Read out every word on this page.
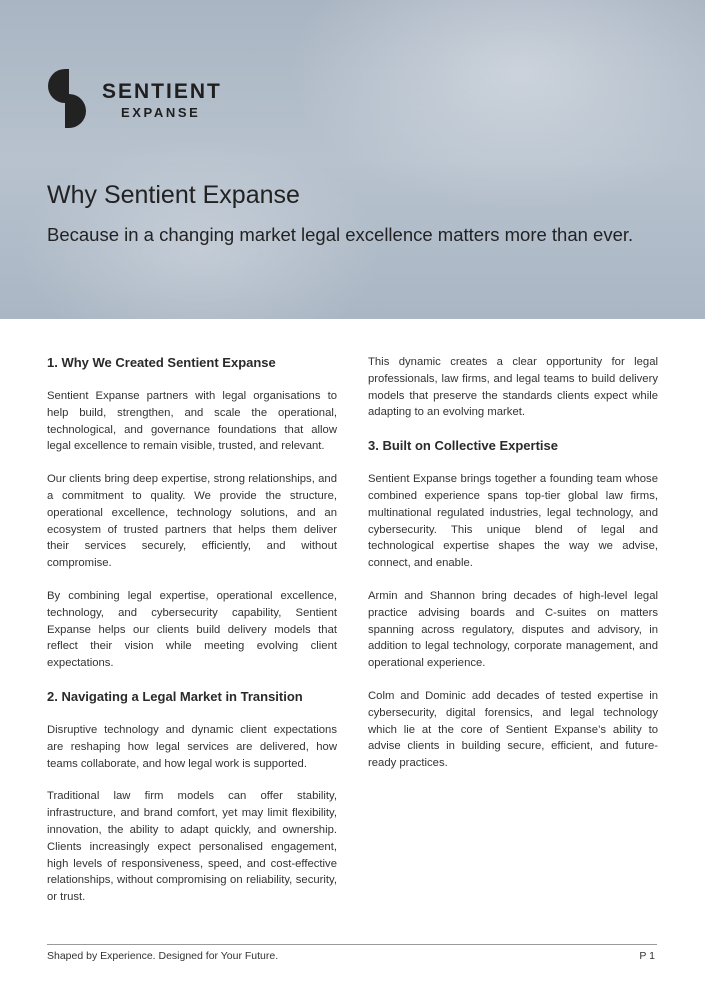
SENTIENT
EXPANSE
Why Sentient Expanse
Because in a changing market legal excellence matters more than ever.
1. Why We Created Sentient Expanse

Sentient Expanse partners with legal organisations to help build, strengthen, and scale the operational, technological, and governance foundations that allow legal excellence to remain visible, trusted, and relevant.

Our clients bring deep expertise, strong relationships, and a commitment to quality. We provide the structure, operational excellence, technology solutions, and an ecosystem of trusted partners that helps them deliver their services securely, efficiently, and without compromise.

By combining legal expertise, operational excellence, technology, and cybersecurity capability, Sentient Expanse helps our clients build delivery models that reflect their vision while meeting evolving client expectations.

2. Navigating a Legal Market in Transition

Disruptive technology and dynamic client expectations are reshaping how legal services are delivered, how teams collaborate, and how legal work is supported.

Traditional law firm models can offer stability, infrastructure, and brand comfort, yet may limit flexibility, innovation, the ability to adapt quickly, and ownership. Clients increasingly expect personalised engagement, high levels of responsiveness, speed, and cost-effective relationships, without compromising on reliability, security, or trust.

This dynamic creates a clear opportunity for legal professionals, law firms, and legal teams to build delivery models that preserve the standards clients expect while adapting to an evolving market.

3. Built on Collective Expertise

Sentient Expanse brings together a founding team whose combined experience spans top-tier global law firms, multinational regulated industries, legal technology, and cybersecurity. This unique blend of legal and technological expertise shapes the way we advise, connect, and enable.

Armin and Shannon bring decades of high-level legal practice advising boards and C-suites on matters spanning across regulatory, disputes and advisory, in addition to legal technology, corporate management, and operational experience.

Colm and Dominic add decades of tested expertise in cybersecurity, digital forensics, and legal technology which lie at the core of Sentient Expanse’s ability to advise clients in building secure, efficient, and future-ready practices.

Shaped by Experience. Designed for Your Future.	P 1
